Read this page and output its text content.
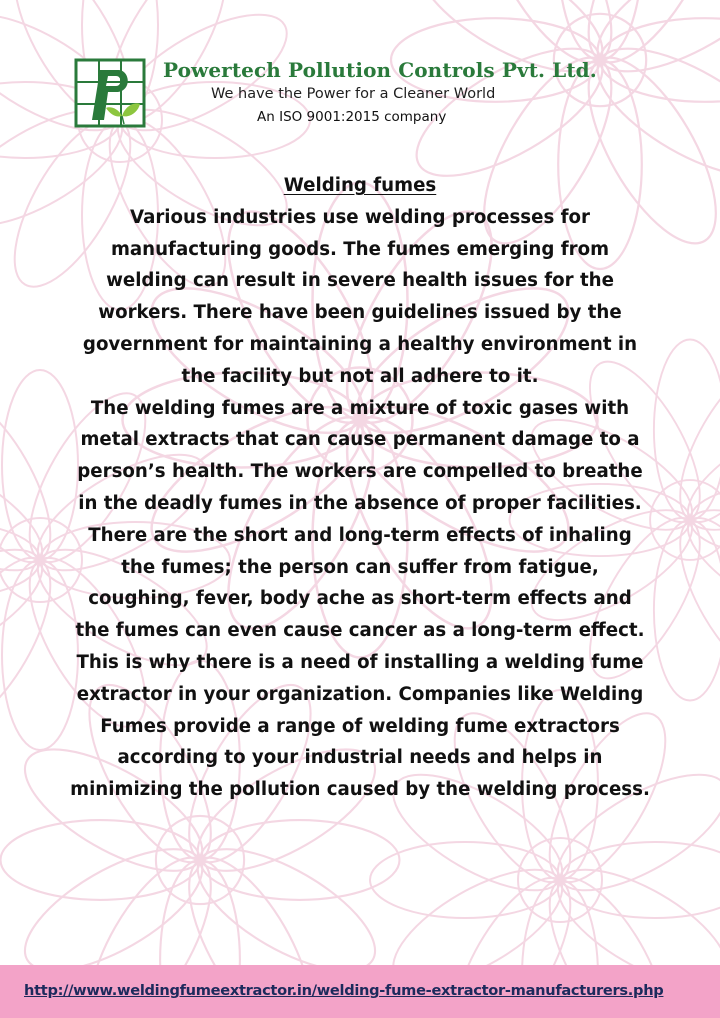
Powertech Pollution Controls Pvt. Ltd.
We have the Power for a Cleaner World
An ISO 9001:2015 company

Welding fumes

Various industries use welding processes for manufacturing goods. The fumes emerging from welding can result in severe health issues for the workers. There have been guidelines issued by the government for maintaining a healthy environment in the facility but not all adhere to it.

The welding fumes are a mixture of toxic gases with metal extracts that can cause permanent damage to a person’s health. The workers are compelled to breathe in the deadly fumes in the absence of proper facilities. There are the short and long-term effects of inhaling the fumes; the person can suffer from fatigue, coughing, fever, body ache as short-term effects and the fumes can even cause cancer as a long-term effect. This is why there is a need of installing a welding fume extractor in your organization. Companies like Welding Fumes provide a range of welding fume extractors according to your industrial needs and helps in minimizing the pollution caused by the welding process.

http://www.weldingfumeextractor.in/welding-fume-extractor-manufacturers.php
